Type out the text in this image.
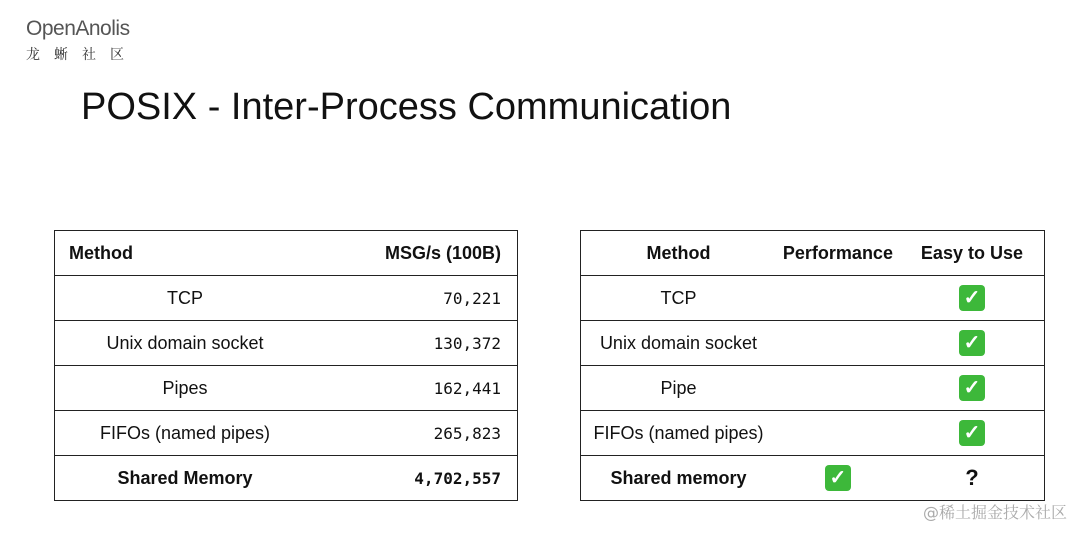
OpenAnolis
龙蜥社区
POSIX - Inter-Process Communication
Method	MSG/s (100B)
TCP	70,221
Unix domain socket	130,372
Pipes	162,441
FIFOs (named pipes)	265,823
Shared Memory	4,702,557
Method	Performance	Easy to Use
TCP		✓
Unix domain socket		✓
Pipe		✓
FIFOs (named pipes)		✓
Shared memory	✓	?
@稀土掘金技术社区
